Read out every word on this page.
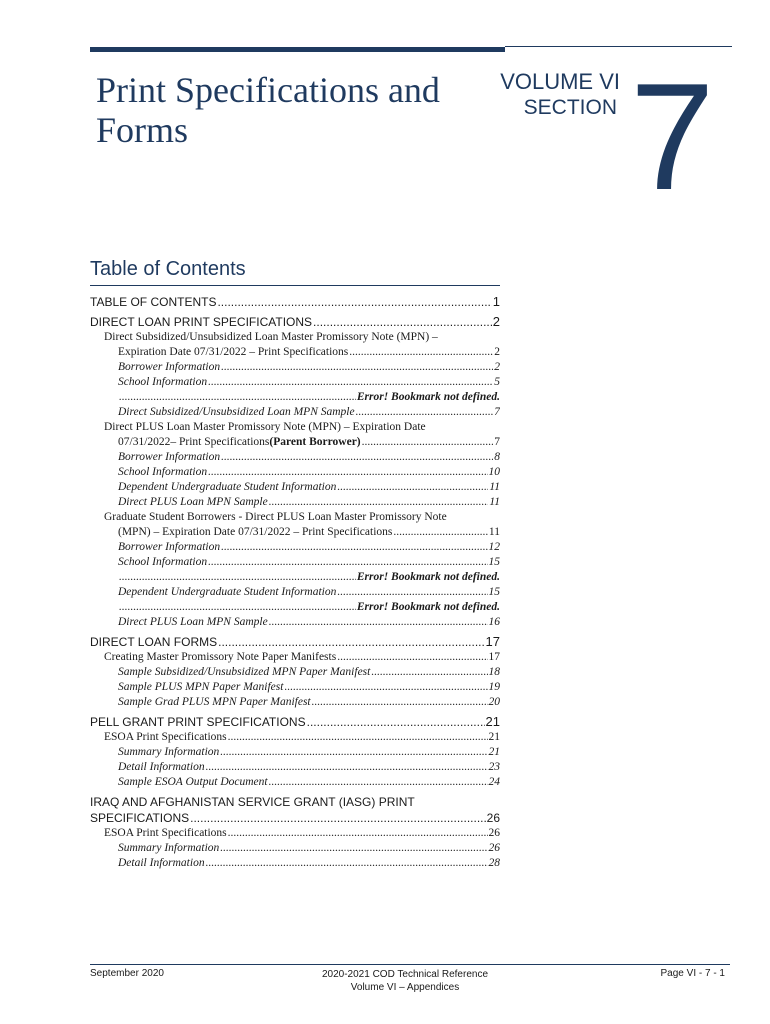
Print Specifications and Forms
VOLUME VI
SECTION 7
Table of Contents
TABLE OF CONTENTS .....	1
DIRECT LOAN PRINT SPECIFICATIONS .....	2
Direct Subsidized/Unsubsidized Loan Master Promissory Note (MPN) –
Expiration Date 07/31/2022 – Print Specifications .....	2
Borrower Information .....	2
School Information .....	5
.....
Error! Bookmark not defined.
Direct Subsidized/Unsubsidized Loan MPN Sample .....	7
Direct PLUS Loan Master Promissory Note (MPN) – Expiration Date
07/31/2022– Print Specifications (Parent Borrower) .....	7
Borrower Information .....	8
School Information .....	10
Dependent Undergraduate Student Information .....	11
Direct PLUS Loan MPN Sample .....	11
Graduate Student Borrowers - Direct PLUS Loan Master Promissory Note
(MPN) – Expiration Date 07/31/2022 – Print Specifications .....	11
Borrower Information .....	12
School Information .....	15
.....
Error! Bookmark not defined.
Dependent Undergraduate Student Information .....	15
.....
Error! Bookmark not defined.
Direct PLUS Loan MPN Sample .....	16
DIRECT LOAN FORMS .....	17
Creating Master Promissory Note Paper Manifests .....	17
Sample Subsidized/Unsubsidized MPN Paper Manifest .....	18
Sample PLUS MPN Paper Manifest .....	19
Sample Grad PLUS MPN Paper Manifest .....	20
PELL GRANT PRINT SPECIFICATIONS .....	21
ESOA Print Specifications .....	21
Summary Information .....	21
Detail Information .....	23
Sample ESOA Output Document .....	24
IRAQ AND AFGHANISTAN SERVICE GRANT (IASG) PRINT
SPECIFICATIONS .....	26
ESOA Print Specifications .....	26
Summary Information .....	26
Detail Information .....	28
September 2020	2020-2021 COD Technical Reference
Volume VI – Appendices
Page VI - 7 - 1
